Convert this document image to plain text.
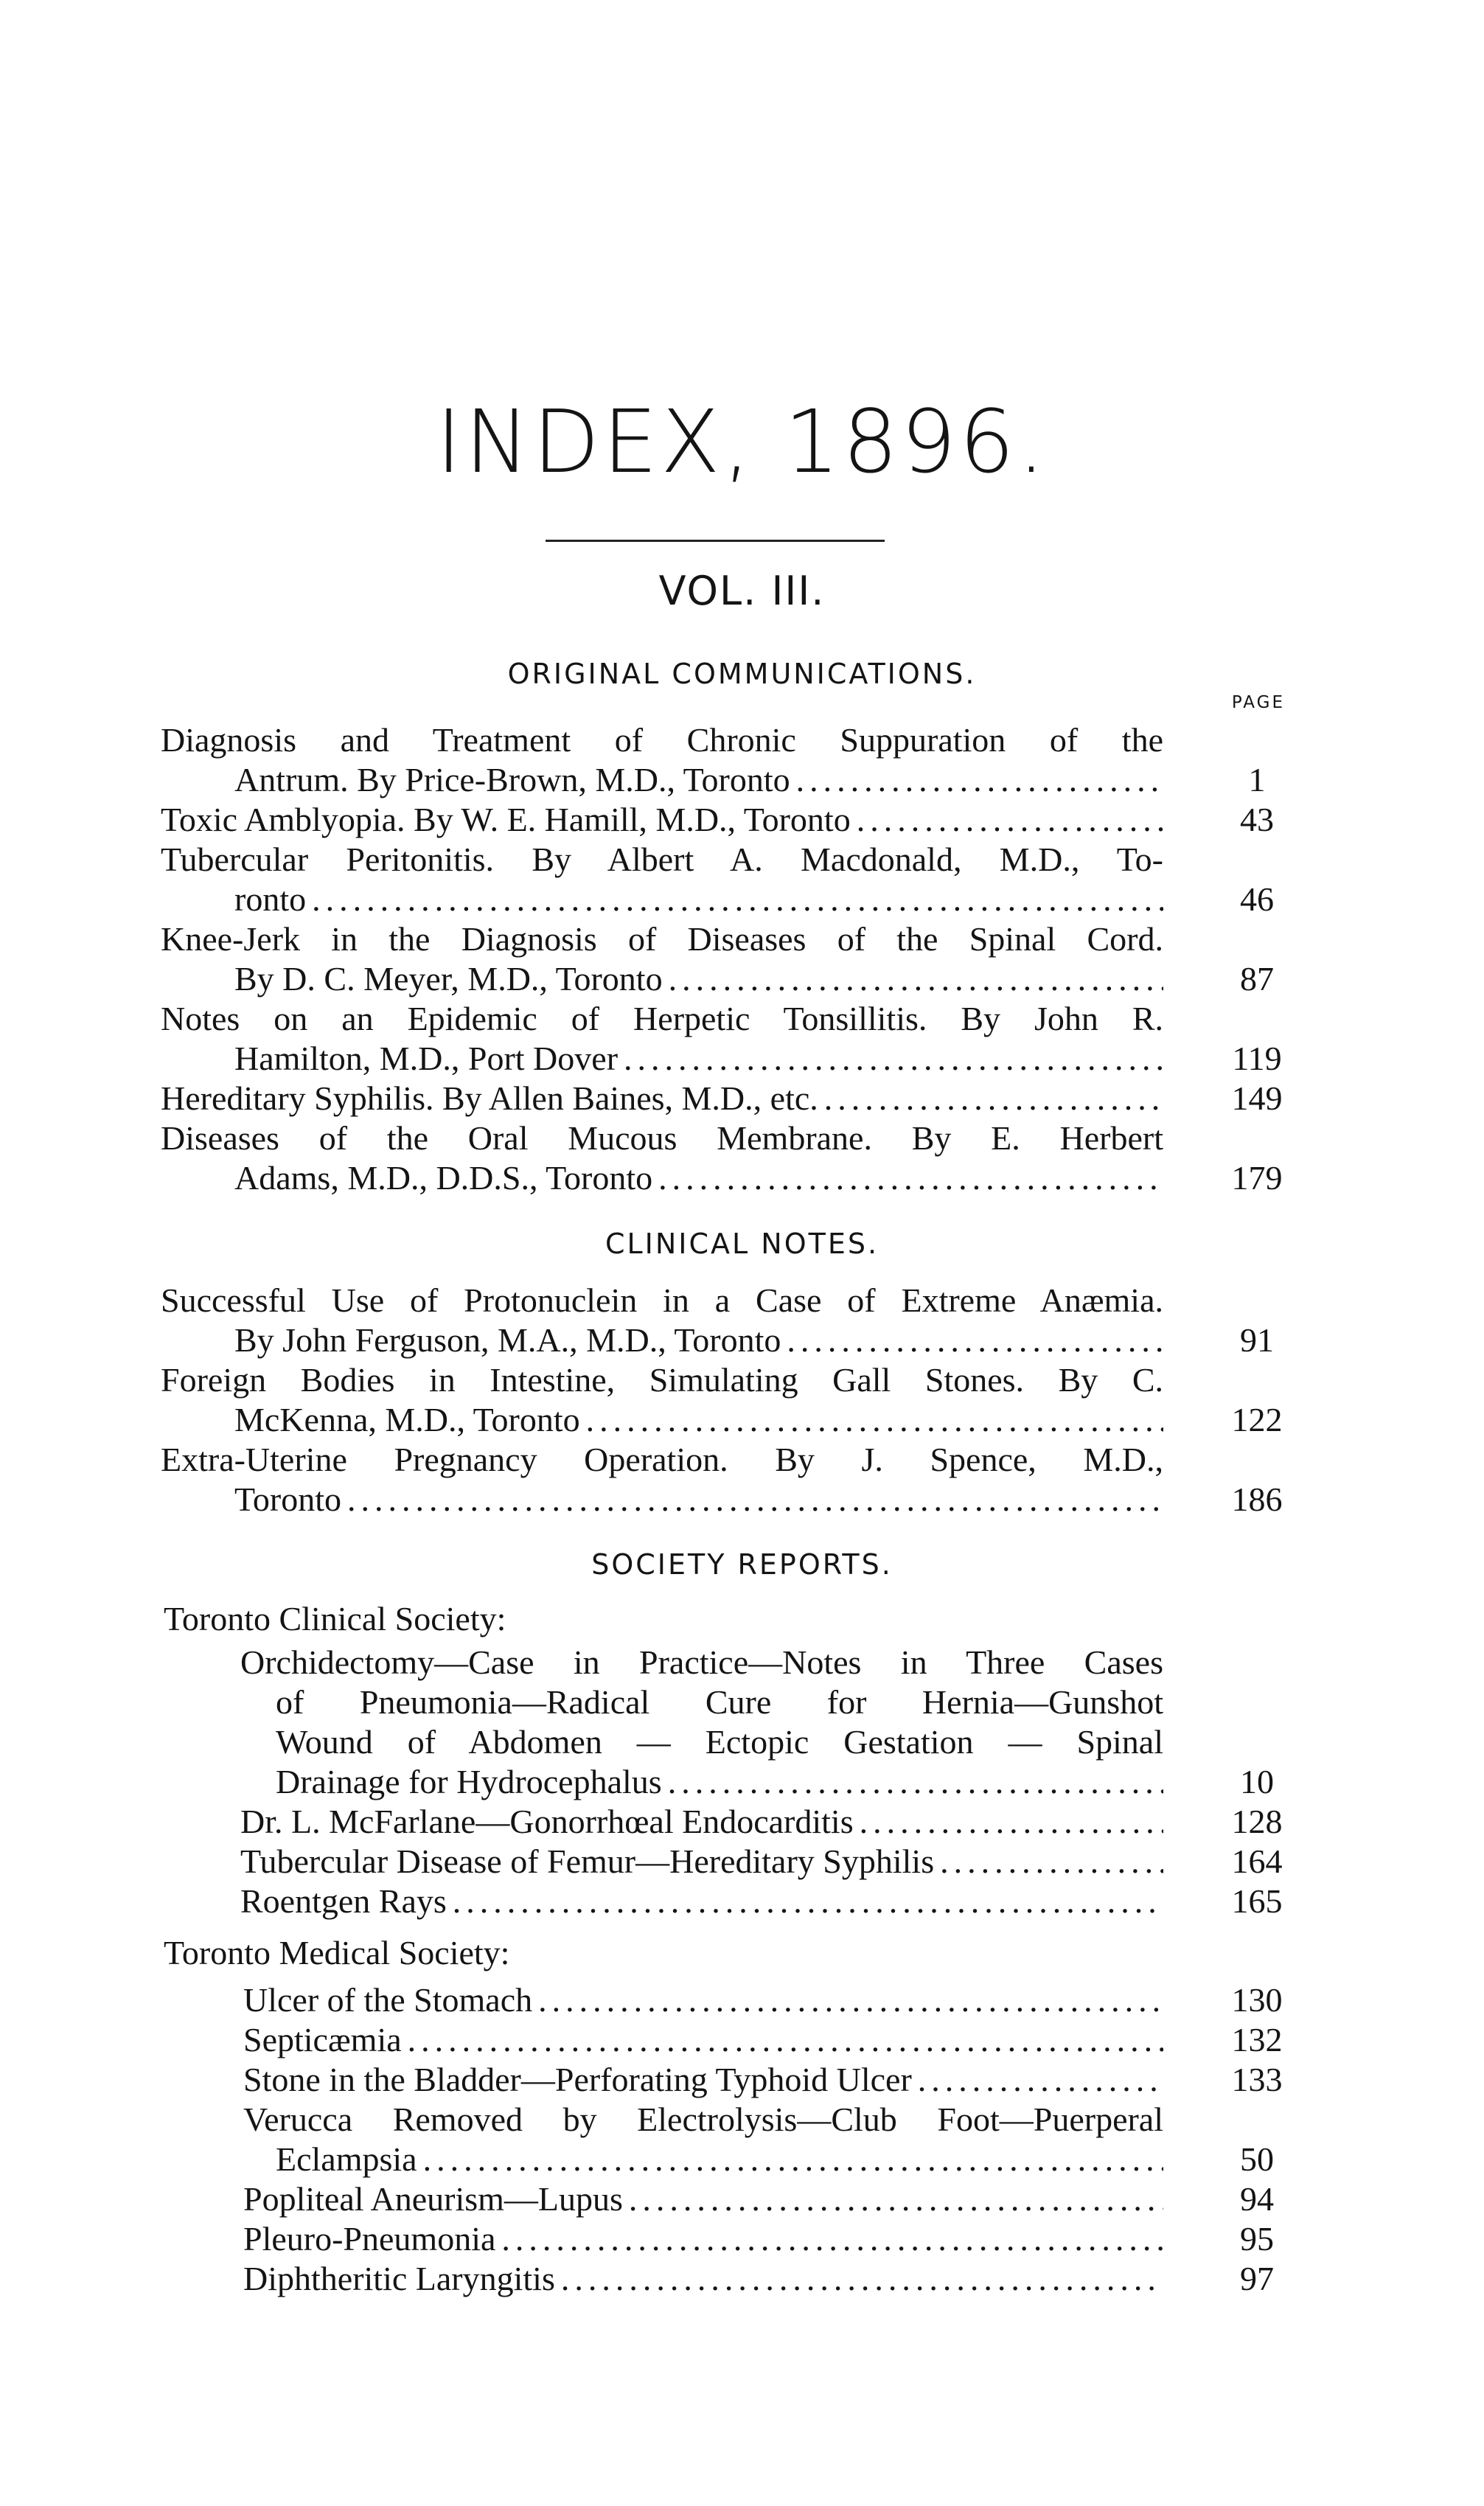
INDEX, 1896.
VOL. III.
ORIGINAL COMMUNICATIONS.
PAGE
Diagnosis and Treatment of Chronic Suppuration of the
Antrum. By Price-Brown, M.D., Toronto .....	1
Toxic Amblyopia. By W. E. Hamill, M.D., Toronto .....	43
Tubercular Peritonitis. By Albert A. Macdonald, M.D., To-
ronto .....	46
Knee-Jerk in the Diagnosis of Diseases of the Spinal Cord.
By D. C. Meyer, M.D., Toronto .....	87
Notes on an Epidemic of Herpetic Tonsillitis. By John R.
Hamilton, M.D., Port Dover .....	119
Hereditary Syphilis. By Allen Baines, M.D., etc. .....	149
Diseases of the Oral Mucous Membrane. By E. Herbert
Adams, M.D., D.D.S., Toronto .....	179
CLINICAL NOTES.
Successful Use of Protonuclein in a Case of Extreme Anæmia.
By John Ferguson, M.A., M.D., Toronto .....	91
Foreign Bodies in Intestine, Simulating Gall Stones. By C.
McKenna, M.D., Toronto .....	122
Extra-Uterine Pregnancy Operation. By J. Spence, M.D.,
Toronto .....	186
SOCIETY REPORTS.
Toronto Clinical Society:
Orchidectomy—Case in Practice—Notes in Three Cases
of Pneumonia—Radical Cure for Hernia—Gunshot
Wound of Abdomen — Ectopic Gestation — Spinal
Drainage for Hydrocephalus .....	10
Dr. L. McFarlane—Gonorrhœal Endocarditis .....	128
Tubercular Disease of Femur—Hereditary Syphilis .....	164
Roentgen Rays .....	165
Toronto Medical Society:
Ulcer of the Stomach .....	130
Septicæmia .....	132
Stone in the Bladder—Perforating Typhoid Ulcer .....	133
Verucca Removed by Electrolysis—Club Foot—Puerperal
Eclampsia .....	50
Popliteal Aneurism—Lupus .....	94
Pleuro-Pneumonia .....	95
Diphtheritic Laryngitis .....	97
